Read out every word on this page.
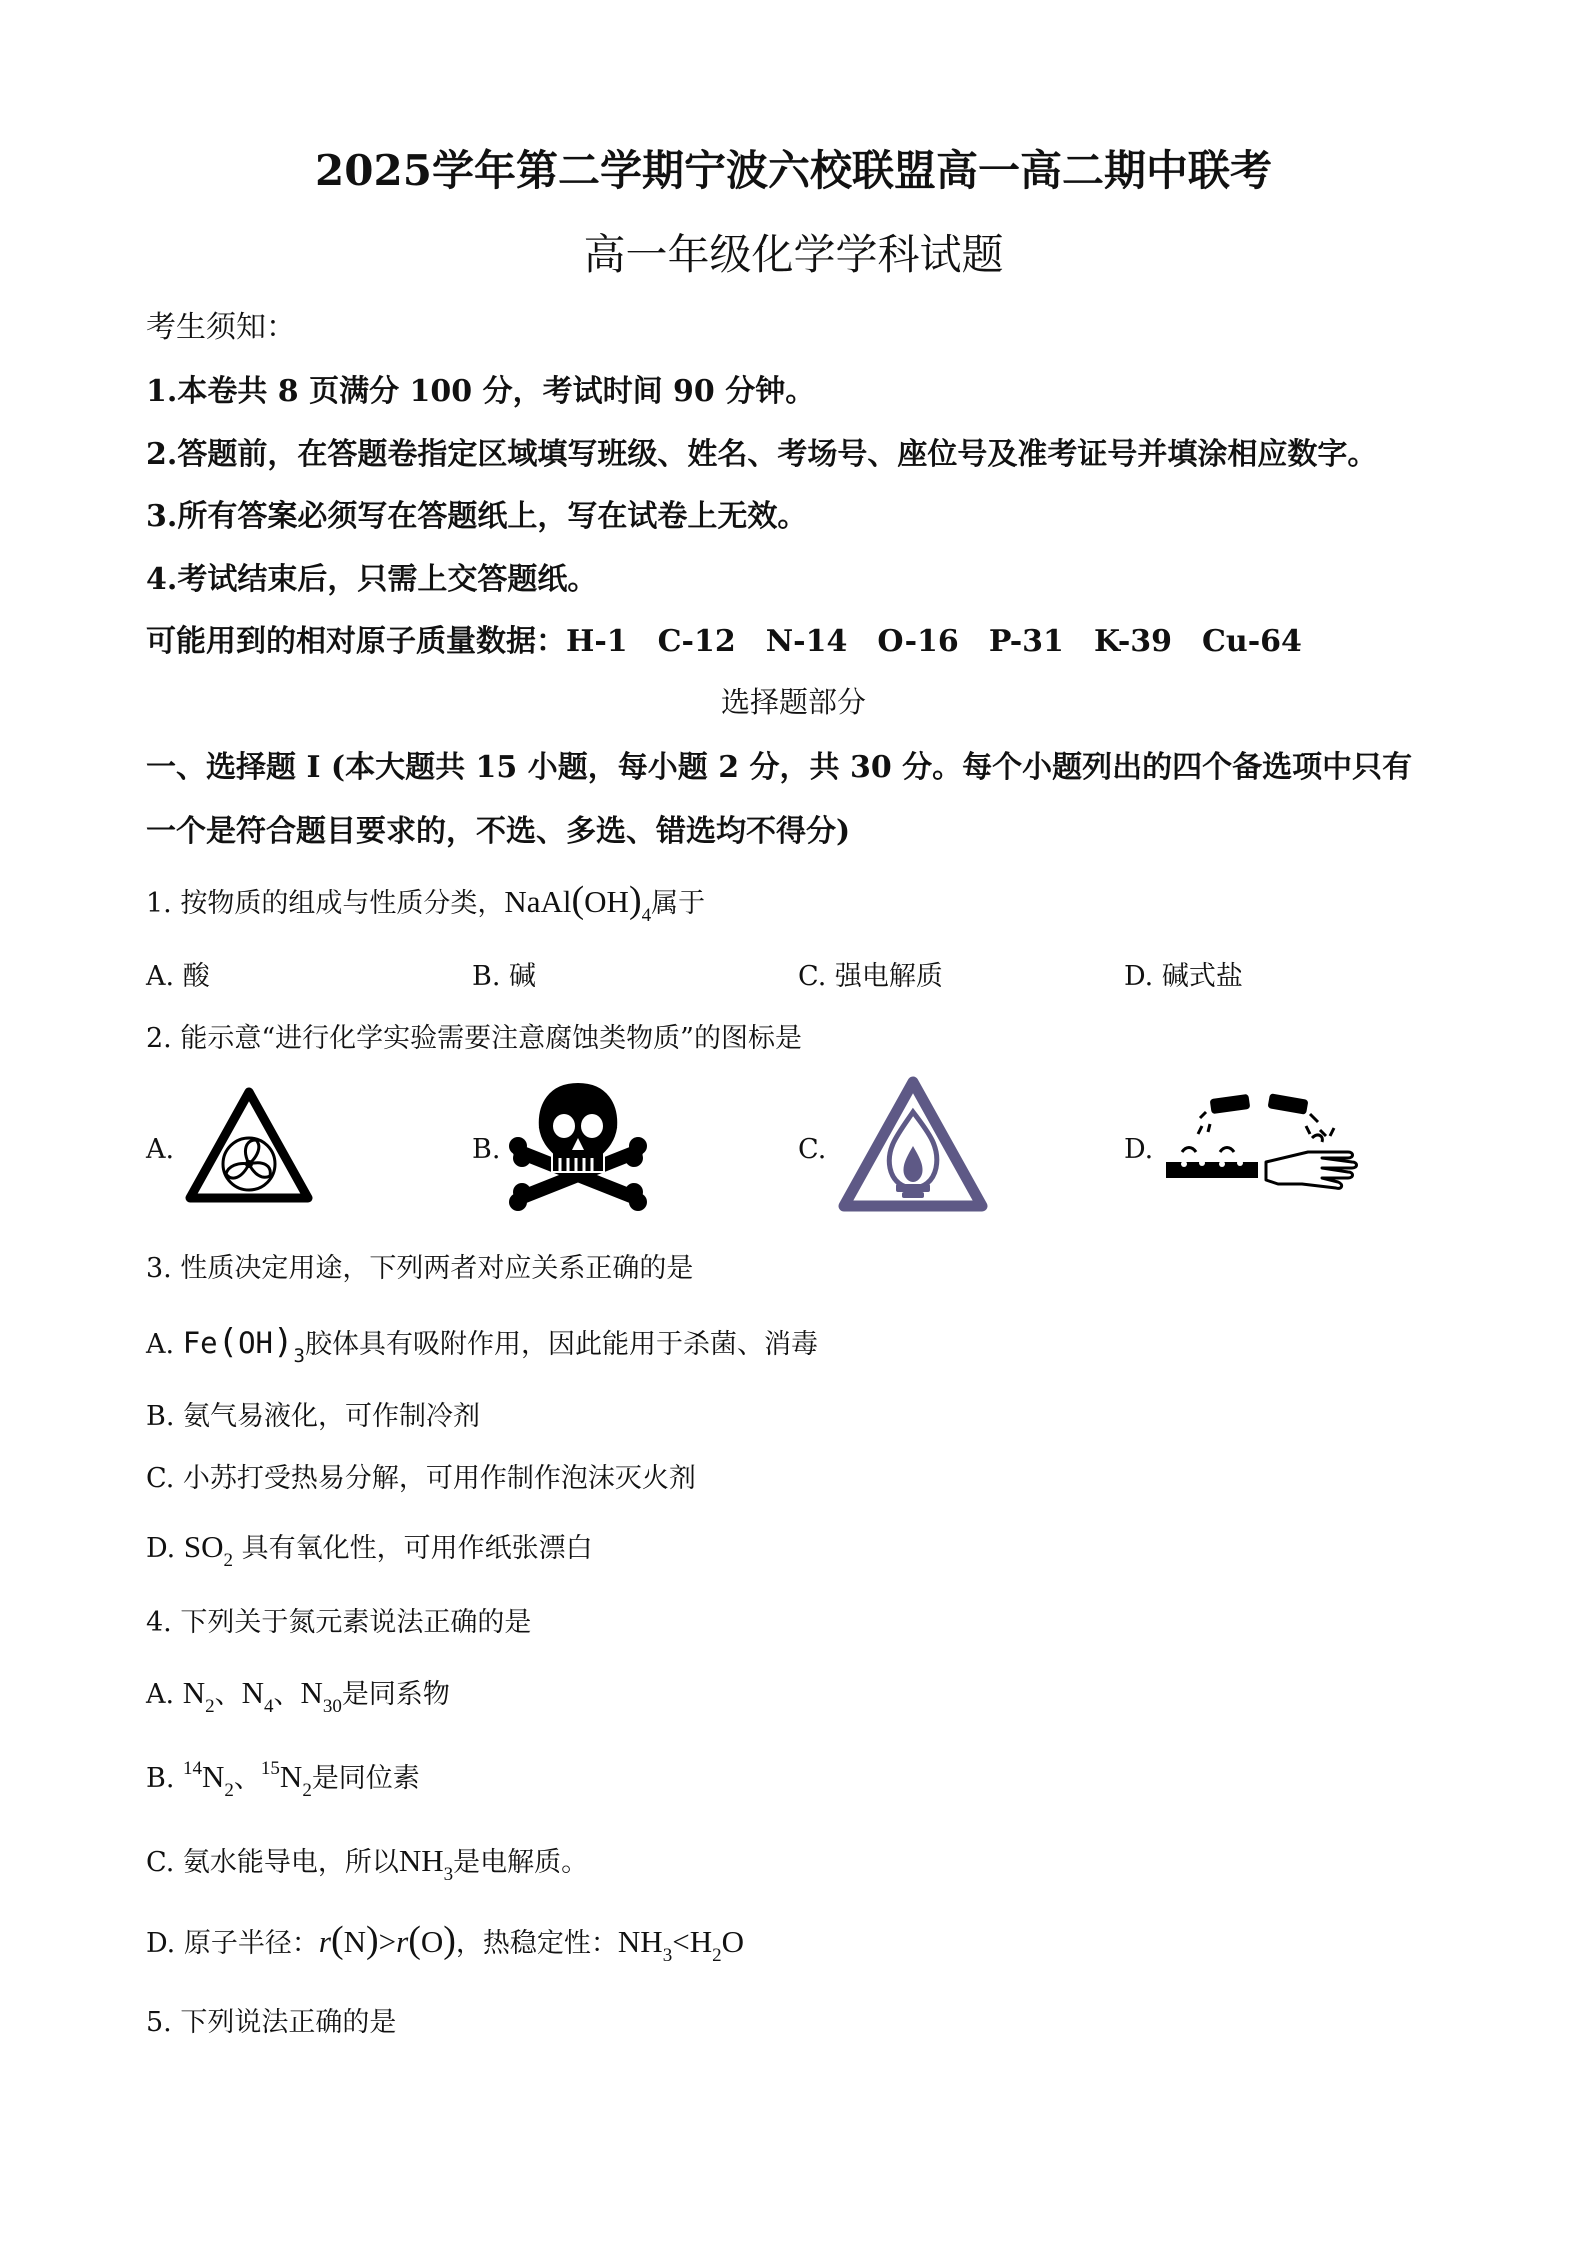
2025学年第二学期宁波六校联盟高一高二期中联考
高一年级化学学科试题
考生须知：
1.本卷共 8 页满分 100 分，考试时间 90 分钟。
2.答题前，在答题卷指定区域填写班级、姓名、考场号、座位号及准考证号并填涂相应数字。
3.所有答案必须写在答题纸上，写在试卷上无效。
4.考试结束后，只需上交答题纸。
可能用到的相对原子质量数据：H-1 C-12 N-14 O-16 P-31 K-39 Cu-64
选择题部分
一、选择题 I (本大题共 15 小题，每小题 2 分，共 30 分。每个小题列出的四个备选项中只有
一个是符合题目要求的，不选、多选、错选均不得分)
1. 按物质的组成与性质分类，$NaAl(OH)_4$属于
A. 酸	B. 碱	C. 强电解质	D. 碱式盐
2. 能示意“进行化学实验需要注意腐蚀类物质”的图标是
A.	B.	C.	D.
3. 性质决定用途，下列两者对应关系正确的是
A. $Fe(OH)_3$胶体具有吸附作用，因此能用于杀菌、消毒
B. 氨气易液化，可作制冷剂
C. 小苏打受热易分解，可用作制作泡沫灭火剂
D. $SO_2$ 具有氧化性，可用作纸张漂白
4. 下列关于氮元素说法正确的是
A. $N_2$、$N_4$、$N_{30}$是同系物
B. $^{14}N_2$、$^{15}N_2$是同位素
C. 氨水能导电，所以$NH_3$是电解质。
D. 原子半径：r(N)>r(O)，热稳定性：$NH_3<H_2O$
5. 下列说法正确的是
